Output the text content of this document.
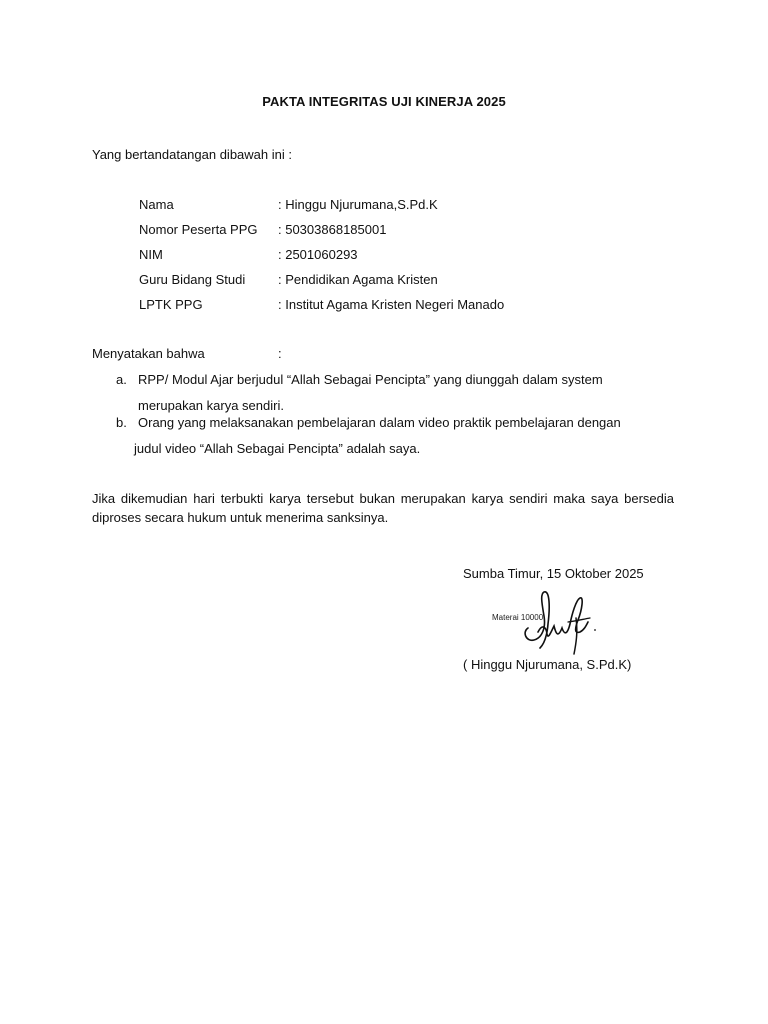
PAKTA INTEGRITAS UJI KINERJA 2025
Yang bertandatangan dibawah ini :
Nama	: Hinggu Njurumana,S.Pd.K
Nomor Peserta PPG : 50303868185001
NIM	: 2501060293
Guru Bidang Studi	: Pendidikan Agama Kristen
LPTK PPG	: Institut Agama Kristen Negeri Manado
Menyatakan bahwa	:
a. RPP/ Modul Ajar berjudul “Allah Sebagai Pencipta” yang diunggah dalam system
merupakan karya sendiri.
b. Orang yang melaksanakan pembelajaran dalam video praktik pembelajaran dengan
judul video “Allah Sebagai Pencipta” adalah saya.
Jika dikemudian hari terbukti karya tersebut bukan merupakan karya sendiri maka saya bersedia diproses secara hukum untuk menerima sanksinya.
Sumba Timur, 15 Oktober 2025
Materai 10000
( Hinggu Njurumana, S.Pd.K)
